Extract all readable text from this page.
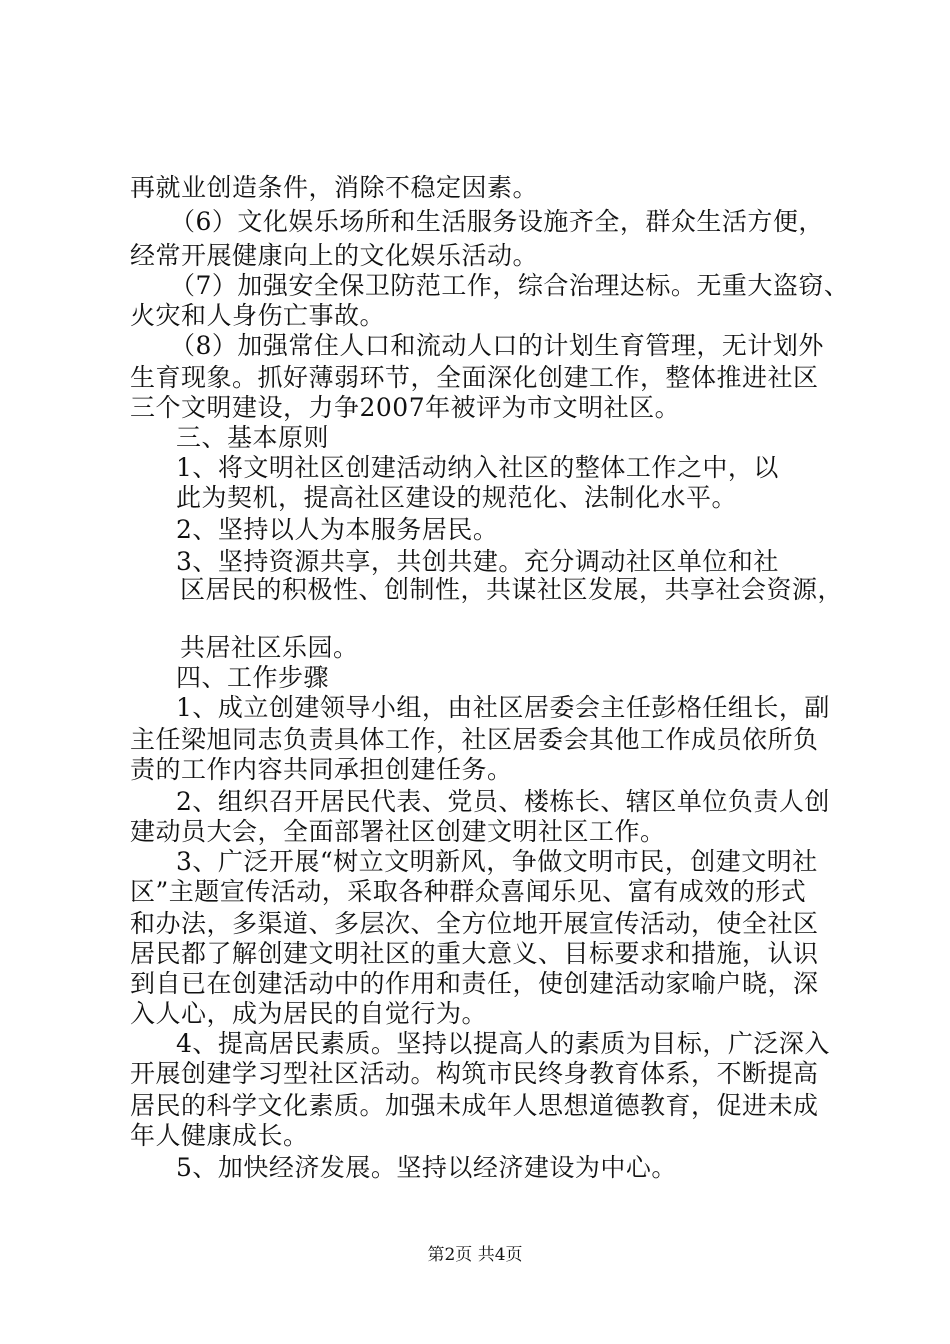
再就业创造条件，消除不稳定因素。
（6）文化娱乐场所和生活服务设施齐全，群众生活方便，
经常开展健康向上的文化娱乐活动。
（7）加强安全保卫防范工作，综合治理达标。无重大盗窃、
火灾和人身伤亡事故。
（8）加强常住人口和流动人口的计划生育管理，无计划外
生育现象。抓好薄弱环节，全面深化创建工作，整体推进社区
三个文明建设，力争2007年被评为市文明社区。
三、基本原则
1、将文明社区创建活动纳入社区的整体工作之中，以
此为契机，提高社区建设的规范化、法制化水平。
2、坚持以人为本服务居民。
3、坚持资源共享，共创共建。充分调动社区单位和社
区居民的积极性、创制性，共谋社区发展，共享社会资源，
共居社区乐园。
四、工作步骤
1、成立创建领导小组，由社区居委会主任彭格任组长，副
主任梁旭同志负责具体工作，社区居委会其他工作成员依所负
责的工作内容共同承担创建任务。
2、组织召开居民代表、党员、楼栋长、辖区单位负责人创
建动员大会，全面部署社区创建文明社区工作。
3、广泛开展“树立文明新风，争做文明市民，创建文明社
区”主题宣传活动，采取各种群众喜闻乐见、富有成效的形式
和办法，多渠道、多层次、全方位地开展宣传活动，使全社区
居民都了解创建文明社区的重大意义、目标要求和措施，认识
到自已在创建活动中的作用和责任，使创建活动家喻户晓，深
入人心，成为居民的自觉行为。
4、提高居民素质。坚持以提高人的素质为目标，广泛深入
开展创建学习型社区活动。构筑市民终身教育体系，不断提高
居民的科学文化素质。加强未成年人思想道德教育，促进未成
年人健康成长。
5、加快经济发展。坚持以经济建设为中心。
第2页 共4页
